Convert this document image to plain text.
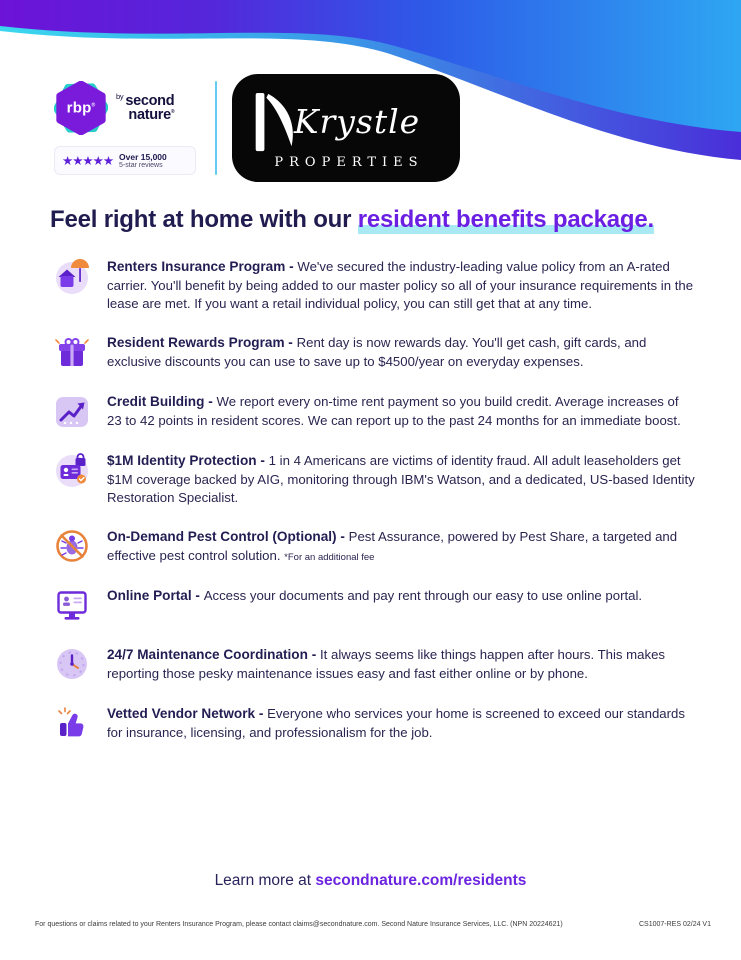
rbp®
$^{by}$ second
nature®
★★★★★ Over 15,000
5-star reviews
Krystle
PROPERTIES
Feel right at home with our resident benefits package.
Renters Insurance Program - We've secured the industry-leading value policy from an A-rated carrier. You'll benefit by being added to our master policy so all of your insurance requirements in the lease are met. If you want a retail individual policy, you can still get that at any time.
Resident Rewards Program - Rent day is now rewards day. You'll get cash, gift cards, and exclusive discounts you can use to save up to $4500/year on everyday expenses.
Credit Building - We report every on-time rent payment so you build credit. Average increases of 23 to 42 points in resident scores. We can report up to the past 24 months for an immediate boost.
$1M Identity Protection - 1 in 4 Americans are victims of identity fraud. All adult leaseholders get $1M coverage backed by AIG, monitoring through IBM's Watson, and a dedicated, US-based Identity Restoration Specialist.
On-Demand Pest Control (Optional) - Pest Assurance, powered by Pest Share, a targeted and effective pest control solution. *For an additional fee
Online Portal - Access your documents and pay rent through our easy to use online portal.
24/7 Maintenance Coordination - It always seems like things happen after hours. This makes reporting those pesky maintenance issues easy and fast either online or by phone.
Vetted Vendor Network - Everyone who services your home is screened to exceed our standards for insurance, licensing, and professionalism for the job.
Learn more at secondnature.com/residents
For questions or claims related to your Renters Insurance Program, please contact claims@secondnature.com. Second Nature Insurance Services, LLC. (NPN 20224621)	CS1007-RES 02/24 V1
